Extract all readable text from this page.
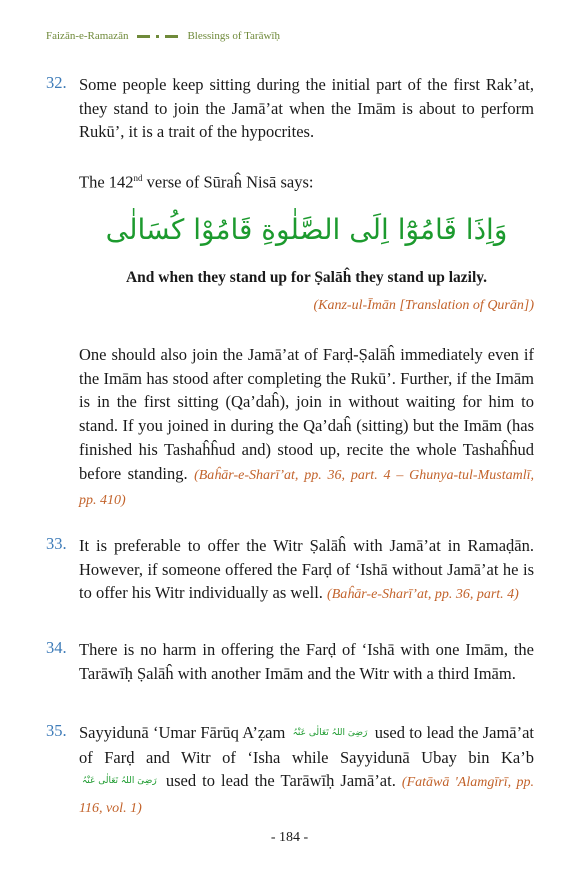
Faizān-e-Ramazān	Blessings of Tarāwīḥ
32. Some people keep sitting during the initial part of the first Rak’at, they stand to join the Jamā’at when the Imām is about to perform Rukū’, it is a trait of the hypocrites.
The 142nd verse of Sūraĥ Nisā says:
وَاِذَا قَامُوْٓا اِلَى الصَّلٰوةِ قَامُوْا كُسَالٰى
And when they stand up for Ṣalāĥ they stand up lazily.
(Kanz-ul-Īmān [Translation of Qurān])
One should also join the Jamā’at of Farḍ-Ṣalāĥ immediately even if the Imām has stood after completing the Rukū’. Further, if the Imām is in the first sitting (Qa’daĥ), join in without waiting for him to stand. If you joined in during the Qa’daĥ (sitting) but the Imām (has finished his Tashaĥĥud and) stood up, recite the whole Tashaĥĥud before standing. (Baĥār-e-Sharī’at, pp. 36, part. 4 – Ghunya-tul-Mustamlī, pp. 410)
33. It is preferable to offer the Witr Ṣalāĥ with Jamā’at in Ramaḍān. However, if someone offered the Farḍ of ‘Ishā without Jamā’at he is to offer his Witr individually as well. (Baĥār-e-Sharī’at, pp. 36, part. 4)
34. There is no harm in offering the Farḍ of ‘Ishā with one Imām, the Tarāwīḥ Ṣalāĥ with another Imām and the Witr with a third Imām.
35. Sayyidunā ‘Umar Fārūq A’ẓam رَضِیَ اللہُ تَعَالٰی عَنْہُ used to lead the Jamā’at of Farḍ and Witr of ‘Isha while Sayyidunā Ubay bin Ka’b رَضِیَ اللہُ تَعَالٰی عَنْہُ used to lead the Tarāwīḥ Jamā’at. (Fatāwā 'Alamgīrī, pp. 116, vol. 1)
- 184 -
